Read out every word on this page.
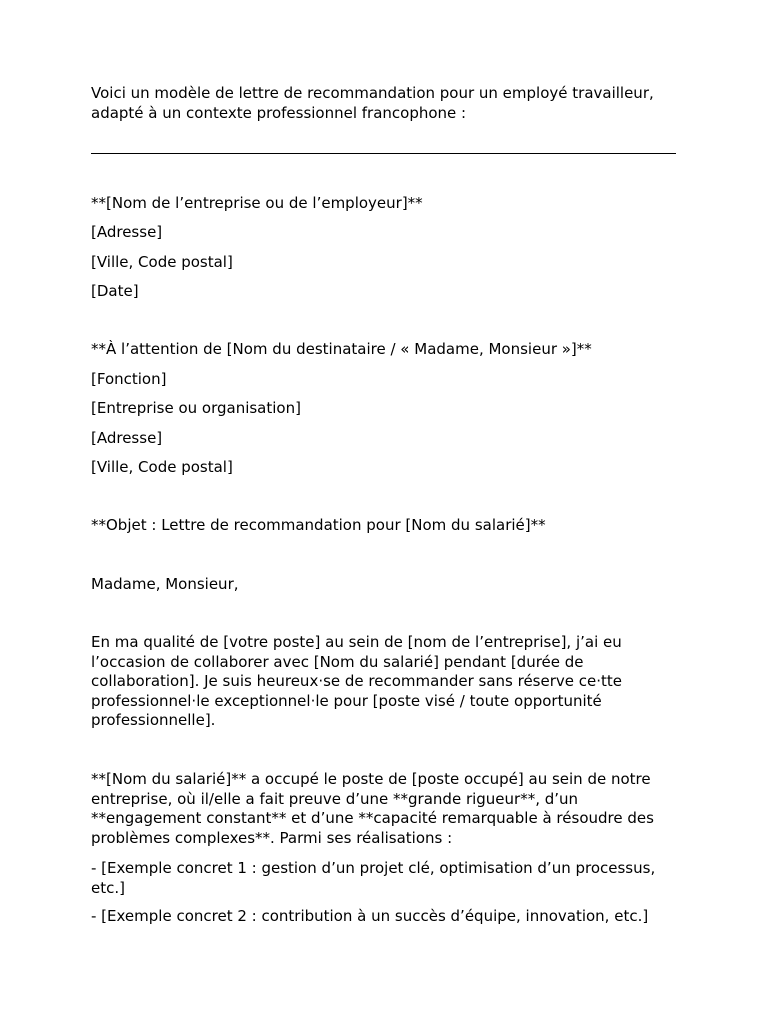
Voici un modèle de lettre de recommandation pour un employé travailleur, adapté à un contexte professionnel francophone :

**[Nom de l’entreprise ou de l’employeur]**

[Adresse]

[Ville, Code postal]

[Date]

**À l’attention de [Nom du destinataire / « Madame, Monsieur »]**

[Fonction]

[Entreprise ou organisation]

[Adresse]

[Ville, Code postal]

**Objet : Lettre de recommandation pour [Nom du salarié]**

Madame, Monsieur,

En ma qualité de [votre poste] au sein de [nom de l’entreprise], j’ai eu l’occasion de collaborer avec [Nom du salarié] pendant [durée de collaboration]. Je suis heureux·se de recommander sans réserve ce·tte professionnel·le exceptionnel·le pour [poste visé / toute opportunité professionnelle].

**[Nom du salarié]** a occupé le poste de [poste occupé] au sein de notre entreprise, où il/elle a fait preuve d’une **grande rigueur**, d’un **engagement constant** et d’une **capacité remarquable à résoudre des problèmes complexes**. Parmi ses réalisations :

- [Exemple concret 1 : gestion d’un projet clé, optimisation d’un processus, etc.]

- [Exemple concret 2 : contribution à un succès d’équipe, innovation, etc.]
